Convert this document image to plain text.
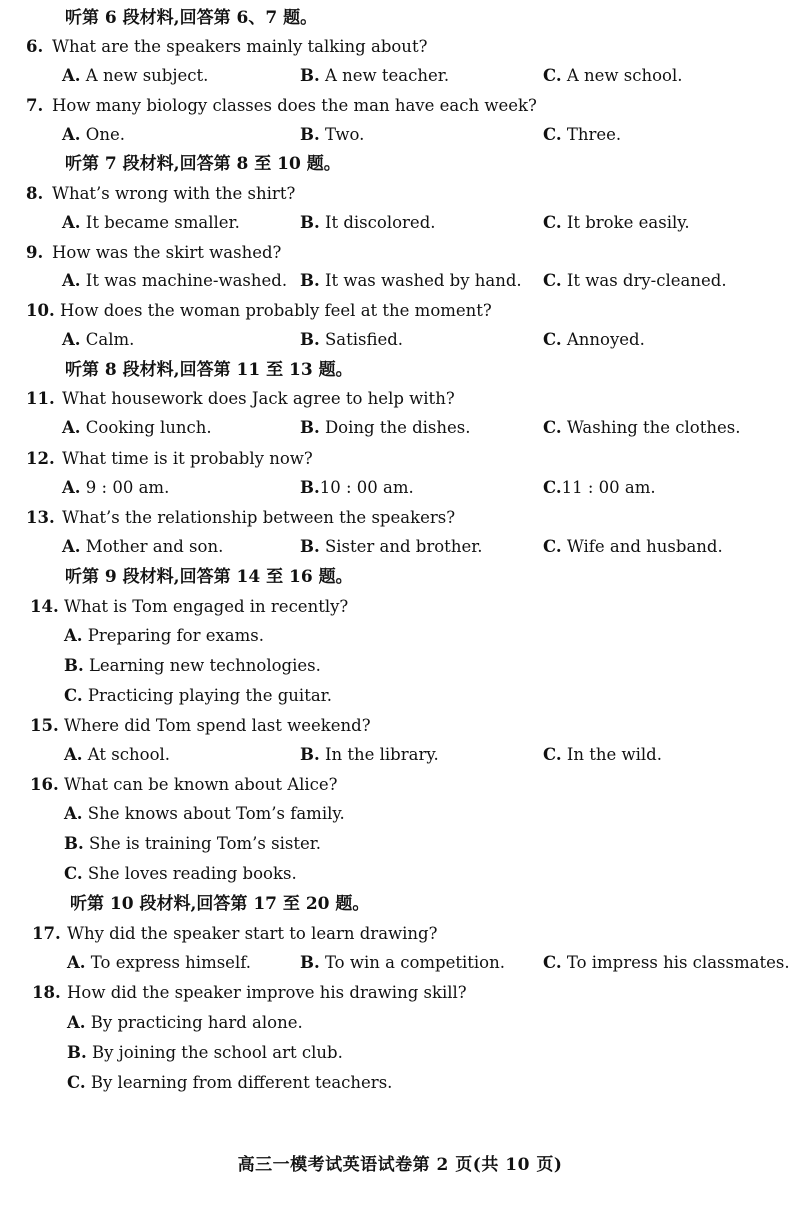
听第 6 段材料,回答第 6、7 题。
6. What are the speakers mainly talking about?
A. A new subject.	B. A new teacher.	C. A new school.
7. How many biology classes does the man have each week?
A. One.	B. Two.	C. Three.
听第 7 段材料,回答第 8 至 10 题。
8. What’s wrong with the shirt?
A. It became smaller.	B. It discolored.	C. It broke easily.
9. How was the skirt washed?
A. It was machine-washed. B. It was washed by hand. C. It was dry-cleaned.
10. How does the woman probably feel at the moment?
A. Calm.	B. Satisfied.	C. Annoyed.
听第 8 段材料,回答第 11 至 13 题。
11. What housework does Jack agree to help with?
A. Cooking lunch.	B. Doing the dishes.	C. Washing the clothes.
12. What time is it probably now?
A. 9 : 00 am.	B.10 : 00 am.	C.11 : 00 am.
13. What’s the relationship between the speakers?
A. Mother and son.	B. Sister and brother.	C. Wife and husband.
听第 9 段材料,回答第 14 至 16 题。
14. What is Tom engaged in recently?
A. Preparing for exams.
B. Learning new technologies.
C. Practicing playing the guitar.
15. Where did Tom spend last weekend?
A. At school.	B. In the library.	C. In the wild.
16. What can be known about Alice?
A. She knows about Tom’s family.
B. She is training Tom’s sister.
C. She loves reading books.
听第 10 段材料,回答第 17 至 20 题。
17. Why did the speaker start to learn drawing?
A. To express himself.	B. To win a competition. C. To impress his classmates.
18. How did the speaker improve his drawing skill?
A. By practicing hard alone.
B. By joining the school art club.
C. By learning from different teachers.
高三一模考试英语试卷第 2 页(共 10 页)
